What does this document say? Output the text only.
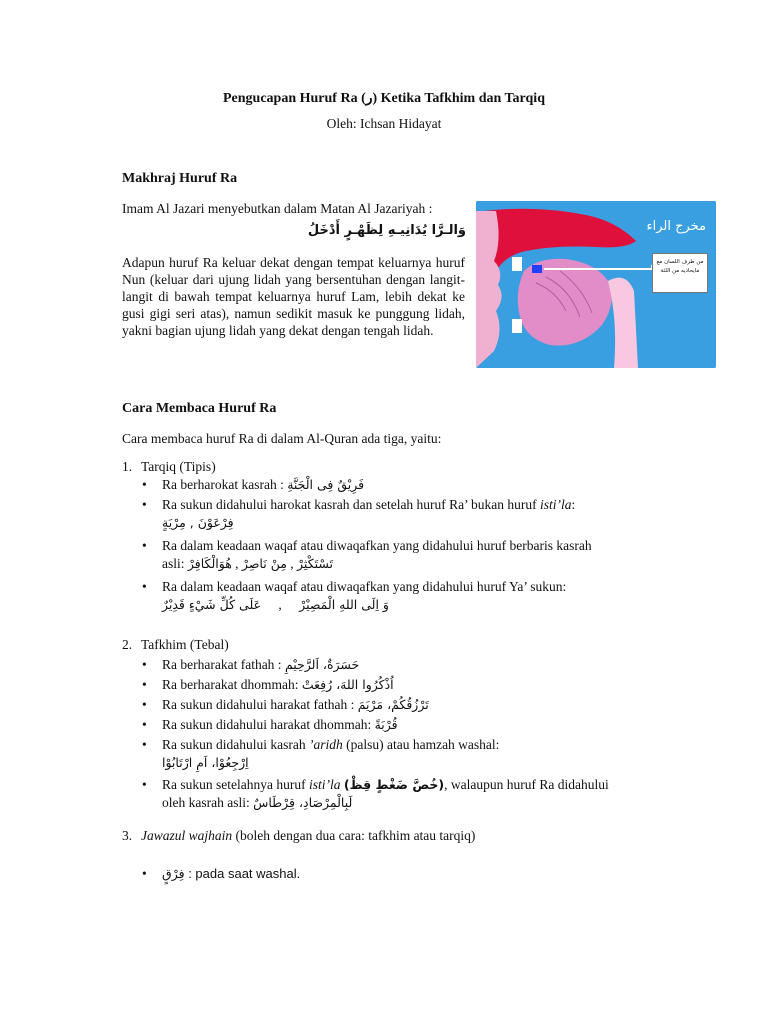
Pengucapan Huruf Ra (ر) Ketika Tafkhim dan Tarqiq
Oleh: Ichsan Hidayat
Makhraj Huruf Ra
Imam Al Jazari menyebutkan dalam Matan Al Jazariyah :
وَالـرَّا يُدَانِيـهِ لِظَهْـرٍ أَدْخَلُ
Adapun huruf Ra keluar dekat dengan tempat keluarnya huruf Nun (keluar dari ujung lidah yang bersentuhan dengan langit-langit di bawah tempat keluarnya huruf Lam, lebih dekat ke gusi gigi seri atas), namun sedikit masuk ke punggung lidah, yakni bagian ujung lidah yang dekat dengan tengah lidah.
مخرج الراء
من طرف اللسان مع مايحاذيه من اللثة
Cara Membaca Huruf Ra
Cara membaca huruf Ra di dalam Al-Quran ada tiga, yaitu:
1. Tarqiq (Tipis)
• Ra berharokat kasrah : فَرِيْقٌ فِى الْجَنَّةِ
• Ra sukun didahului harokat kasrah dan setelah huruf Ra’ bukan huruf isti’la:
فِرْعَوْنَ , مِرْيَةٍ
• Ra dalam keadaan waqaf atau diwaqafkan yang didahului huruf berbaris kasrah
asli: هُوَالْكَافِرْ , مِنْ نَاصِرْ , تَسْتَكْثِرْ
• Ra dalam keadaan waqaf atau diwaqafkan yang didahului huruf Ya’ sukun:
عَلَى كُلِّ شَيْءٍ قَدِيْرٌ , وَ اِلَى اللهِ الْمَصِيْرْ
2. Tafkhim (Tebal)
• Ra berharakat fathah : حَسَرَةٌ، اَلرَّحِيْمِ
• Ra berharakat dhommah: اُذْكُرُوا اللهَ، رُفِعَتْ
• Ra sukun didahului harakat fathah : تَرْزُقُكُمْ، مَرْيَمَ
• Ra sukun didahului harakat dhommah: قُرْبَةً
• Ra sukun didahului kasrah ’aridh (palsu) atau hamzah washal:
اِرْجِعُوْا، اَمِ ارْتَابُوْا
• Ra sukun setelahnya huruf isti’la (خُصَّ ضَغْطٍ قِظْ), walaupun huruf Ra didahului
oleh kasrah asli: لَبِالْمِرْصَادِ، قِرْطَاسٌ
3. Jawazul wajhain (boleh dengan dua cara: tafkhim atau tarqiq)
• فِرْقٍ : pada saat washal.
